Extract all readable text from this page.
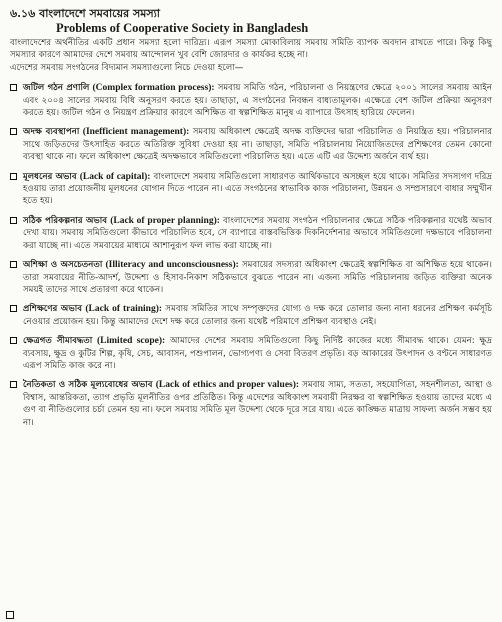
৬.১৬ বাংলাদেশে সমবায়ের সমস্যা

Problems of Cooperative Society in Bangladesh

বাংলাদেশের অর্থনীতির একটি প্রধান সমস্যা হলো দারিদ্র্য। এরূপ সমস্যা মোকাবিলায় সমবায় সমিতি ব্যাপক অবদান রাখতে পারে। কিন্তু কিছু সমস্যার কারণে আমাদের দেশে সমবায় আন্দোলন খুব বেশি জোরদার ও কার্যকর হচ্ছে না।

এদেশের সমবায় সংগঠনের বিদ্যমান সমস্যাগুলো নিচে দেওয়া হলো—

জটিল গঠন প্রণালি (Complex formation process): সমবায় সমিতি গঠন, পরিচালনা ও নিয়ন্ত্রণের ক্ষেত্রে ২০০১ সালের সমবায় আইন এবং ২০০৪ সালের সমবায় বিধি অনুসরণ করতে হয়। তাছাড়া, এ সংগঠনের নিবন্ধন বাধ্যতামূলক। এক্ষেত্রে বেশ জটিল প্রক্রিয়া অনুসরণ করতে হয়। জটিল গঠন ও নিয়ন্ত্রণ প্রক্রিয়ার কারণে অশিক্ষিত বা স্বল্পশিক্ষিত মানুষ এ ব্যাপারে উৎসাহ হারিয়ে ফেলেন।
অদক্ষ ব্যবস্থাপনা (Inefficient management): সমবায় অধিকাংশ ক্ষেত্রেই অদক্ষ ব্যক্তিদের দ্বারা পরিচালিত ও নিয়ন্ত্রিত হয়। পরিচালনার সাথে জড়িতদের উৎসাহিত করতে অতিরিক্ত সুবিধা দেওয়া হয় না। তাছাড়া, সমিতি পরিচালনায় নিয়োজিতদের প্রশিক্ষণের তেমন কোনো ব্যবস্থা থাকে না। ফলে অধিকাংশ ক্ষেত্রেই অদক্ষভাবে সমিতিগুলো পরিচালিত হয়। এতে এটি এর উদ্দেশ্য অর্জনে ব্যর্থ হয়।
মূলধনের অভাব (Lack of capital): বাংলাদেশে সমবায় সমিতিগুলো সাধারণত আর্থিকভাবে অসচ্ছল হয়ে থাকে। সমিতির সদস্যগণ দরিদ্র হওয়ায় তারা প্রয়োজনীয় মূলধনের যোগান দিতে পারেন না। এতে সংগঠনের স্বাভাবিক কাজ পরিচালনা, উন্নয়ন ও সম্প্রসারণে বাধার সম্মুখীন হতে হয়।
সঠিক পরিকল্পনার অভাব (Lack of proper planning): বাংলাদেশের সমবায় সংগঠন পরিচালনার ক্ষেত্রে সঠিক পরিকল্পনার যথেষ্ট অভাব দেখা যায়। সমবায় সমিতিগুলো কীভাবে পরিচালিত হবে, সে ব্যাপারে বাস্তবভিত্তিক দিকনির্দেশনার অভাবে সমিতিগুলো দক্ষভাবে পরিচালনা করা যাচ্ছে না। এতে সমবায়ের মাধ্যমে আশানুরূপ ফল লাভ করা যাচ্ছে না।
অশিক্ষা ও অসচেতনতা (Illiteracy and unconsciousness): সমবায়ের সদস্যরা অধিকাংশ ক্ষেত্রেই স্বল্পশিক্ষিত বা অশিক্ষিত হয়ে থাকেন। তারা সমবায়ের নীতি-আদর্শ, উদ্দেশ্য ও হিসাব-নিকাশ সঠিকভাবে বুঝতে পারেন না। এজন্য সমিতি পরিচালনায় জড়িত ব্যক্তিরা অনেক সময়ই তাদের সাথে প্রতারণা করে থাকেন।
প্রশিক্ষণের অভাব (Lack of training): সমবায় সমিতির সাথে সম্পৃক্তদের যোগ্য ও দক্ষ করে তোলার জন্য নানা ধরনের প্রশিক্ষণ কর্মসূচি নেওয়ার প্রয়োজন হয়। কিন্তু আমাদের দেশে দক্ষ করে তোলার জন্য যথেষ্ট পরিমাণে প্রশিক্ষণ ব্যবস্থাও নেই।
ক্ষেত্রগত সীমাবদ্ধতা (Limited scope): আমাদের দেশের সমবায় সমিতিগুলো কিছু নির্দিষ্ট কাজের মধ্যে সীমাবদ্ধ থাকে। যেমন: ক্ষুদ্র ব্যবসায়, ক্ষুদ্র ও কুটির শিল্প, কৃষি, সেচ, আবাসন, পশুপালন, ভোগ্যপণ্য ও সেবা বিতরণ প্রভৃতি। বড় আকারের উৎপাদন ও বণ্টনে সাধারণত এরূপ সমিতি কাজ করে না।
নৈতিকতা ও সঠিক মূল্যবোধের অভাব (Lack of ethics and proper values): সমবায় সাম্য, সততা, সহযোগিতা, সহনশীলতা, আস্থা ও বিশ্বাস, আন্তরিকতা, ত্যাগ প্রভৃতি মূলনীতির ওপর প্রতিষ্ঠিত। কিন্তু এদেশের অধিকাংশ সমবায়ী নিরক্ষর বা স্বল্পশিক্ষিত হওয়ায় তাদের মধ্যে এ গুণ বা নীতিগুলোর চর্চা তেমন হয় না। ফলে সমবায় সমিতি মূল উদ্দেশ্য থেকে দূরে সরে যায়। এতে কাঙ্ক্ষিত মাত্রায় সাফল্য অর্জন সম্ভব হয় না।
